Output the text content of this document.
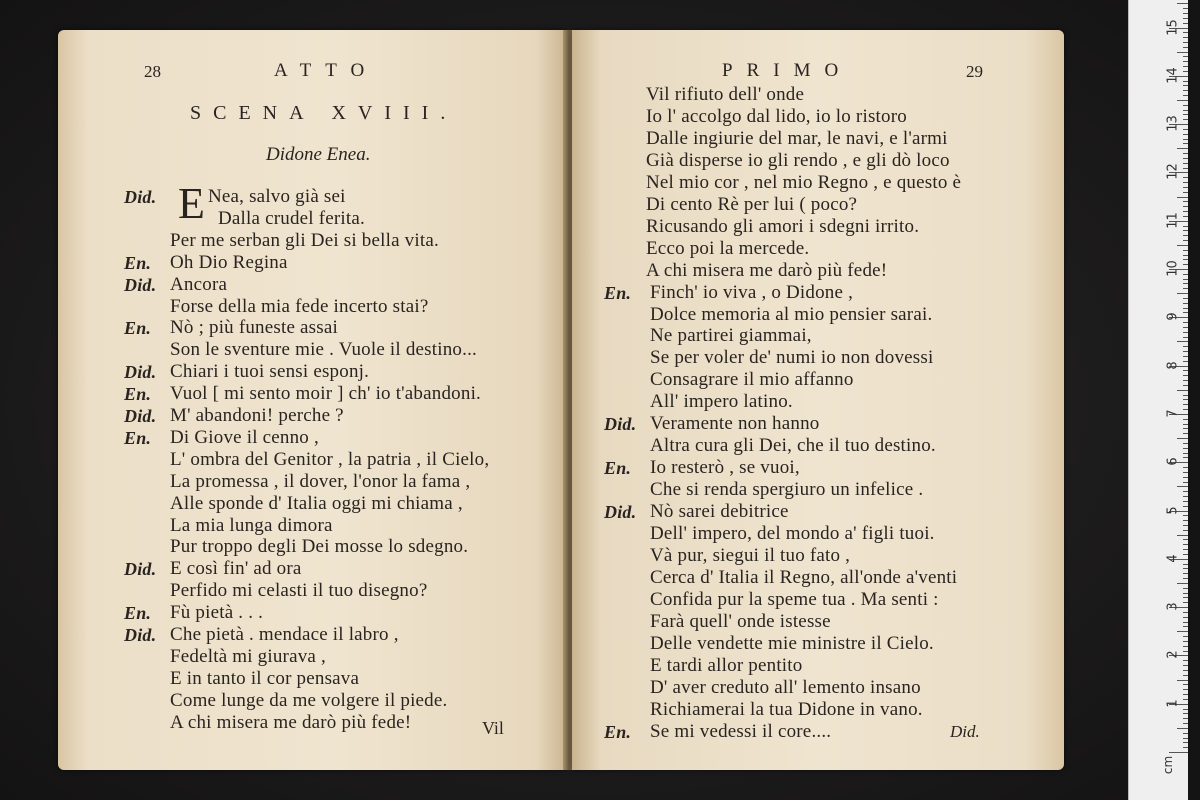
28	ATTO
SCENA XVIII.
Didone Enea.
E
Did.	Nea, salvo già sei
Dalla crudel ferita.
Per me serban gli Dei si bella vita.
En. Oh Dio Regina
Did. Ancora
Forse della mia fede incerto stai?
En. Nò ; più funeste assai
Son le sventure mie . Vuole il destino...
Did. Chiari i tuoi sensi esponj.
En. Vuol [ mi sento moir ] ch' io t'abandoni.
Did. M' abandoni! perche ?
En. Di Giove il cenno ,
L' ombra del Genitor , la patria , il Cielo,
La promessa , il dover, l'onor la fama ,
Alle sponde d' Italia oggi mi chiama ,
La mia lunga dimora
Pur troppo degli Dei mosse lo sdegno.
Did. E così fin' ad ora
Perfido mi celasti il tuo disegno?
En. Fù pietà . . .
Did. Che pietà . mendace il labro ,
Fedeltà mi giurava ,
E in tanto il cor pensava
Come lunge da me volgere il piede.
A chi misera me darò più fede!	Vil
PRIMO	29
Vil rifiuto dell' onde
Io l' accolgo dal lido, io lo ristoro
Dalle ingiurie del mar, le navi, e l'armi
Già disperse io gli rendo , e gli dò loco
Nel mio cor , nel mio Regno , e questo è
Di cento Rè per lui ( poco?
Ricusando gli amori i sdegni irrito.
Ecco poi la mercede.
A chi misera me darò più fede!
En. Finch' io viva , o Didone ,
Dolce memoria al mio pensier sarai.
Ne partirei giammai,
Se per voler de' numi io non dovessi
Consagrare il mio affanno
All' impero latino.
Did. Veramente non hanno
Altra cura gli Dei, che il tuo destino.
En. Io resterò , se vuoi,
Che si renda spergiuro un infelice .
Did. Nò sarei debitrice
Dell' impero, del mondo a' figli tuoi.
Và pur, siegui il tuo fato ,
Cerca d' Italia il Regno, all'onde a'venti
Confida pur la speme tua . Ma senti :
Farà quell' onde istesse
Delle vendette mie ministre il Cielo.
E tardi allor pentito
D' aver creduto all' lemento insano
Richiamerai la tua Didone in vano.
En. Se mi vedessi il core....	Did.
1
2
3
4
5
6
7
8
9
10
11
12
13
14
15
cm
